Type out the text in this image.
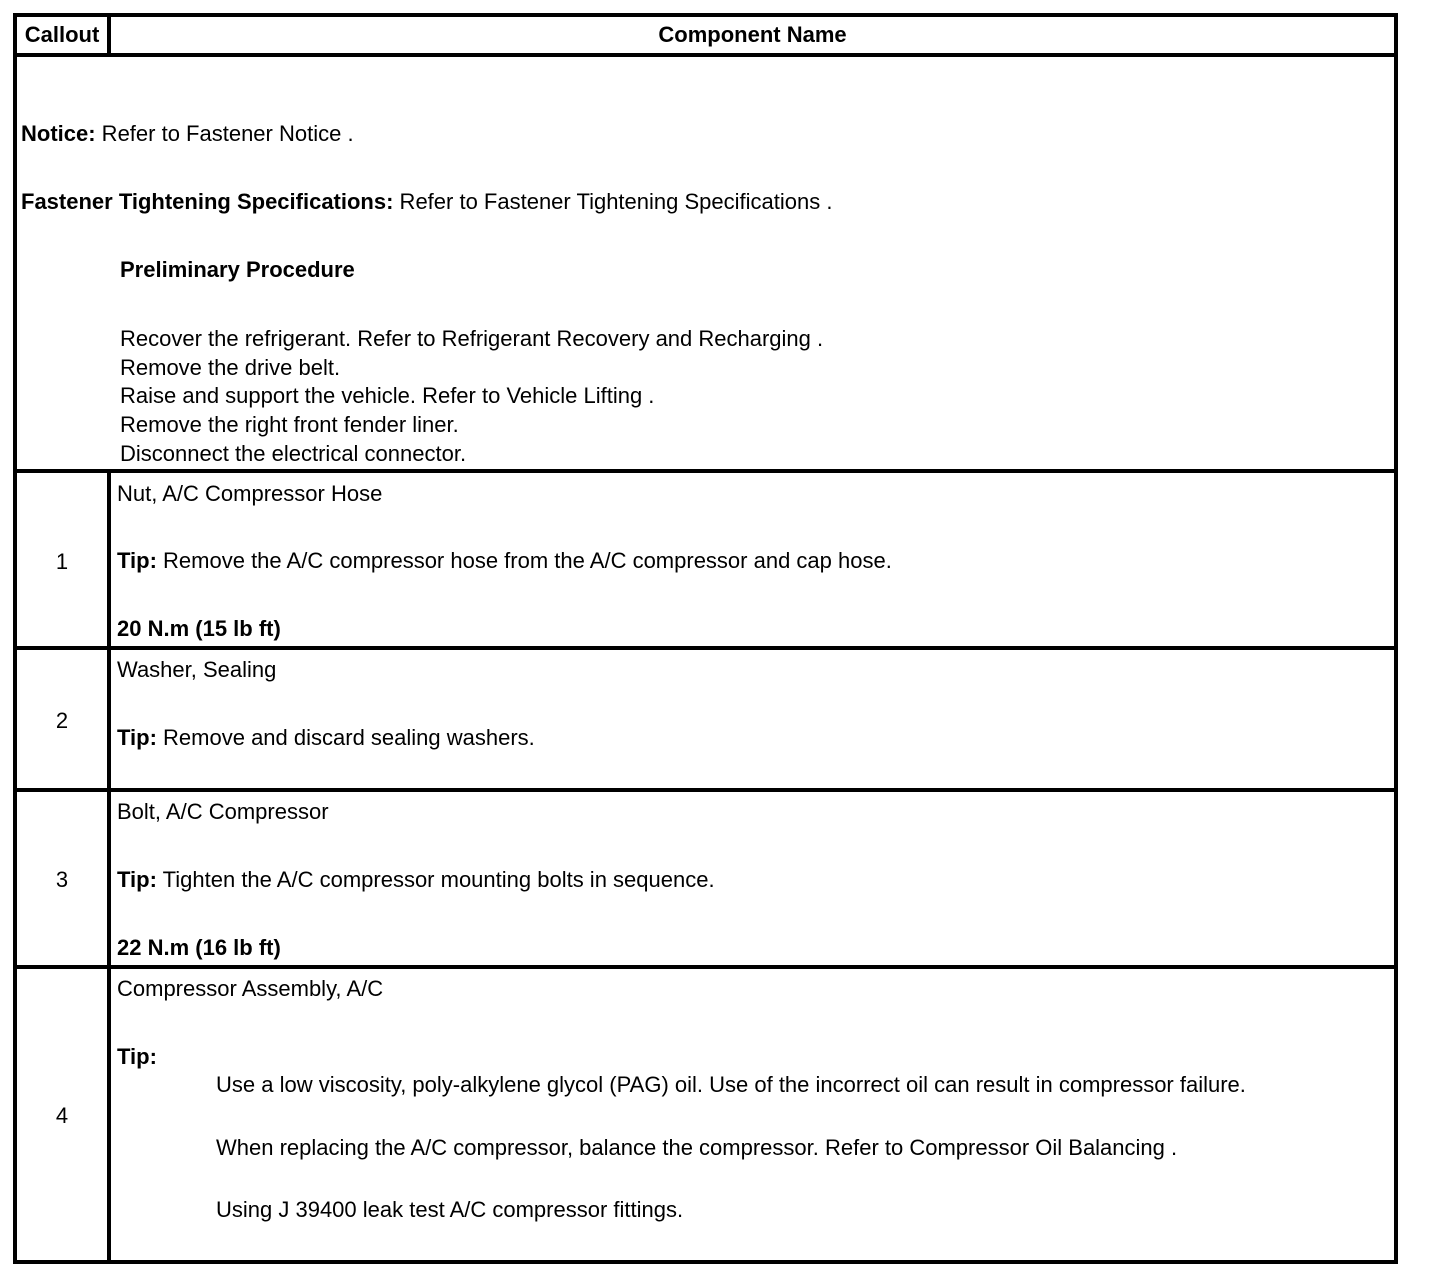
Callout	Component Name
Notice: Refer to Fastener Notice .
Fastener Tightening Specifications: Refer to Fastener Tightening Specifications .
Preliminary Procedure
Recover the refrigerant. Refer to Refrigerant Recovery and Recharging .
Remove the drive belt.
Raise and support the vehicle. Refer to Vehicle Lifting .
Remove the right front fender liner.
Disconnect the electrical connector.
1
Nut, A/C Compressor Hose
Tip: Remove the A/C compressor hose from the A/C compressor and cap hose.
20 N.m (15 lb ft)
2
Washer, Sealing
Tip: Remove and discard sealing washers.
3
Bolt, A/C Compressor
Tip: Tighten the A/C compressor mounting bolts in sequence.
22 N.m (16 lb ft)
4
Compressor Assembly, A/C
Tip:
Use a low viscosity, poly-alkylene glycol (PAG) oil. Use of the incorrect oil can result in compressor failure.
When replacing the A/C compressor, balance the compressor. Refer to Compressor Oil Balancing .
Using J 39400 leak test A/C compressor fittings.
